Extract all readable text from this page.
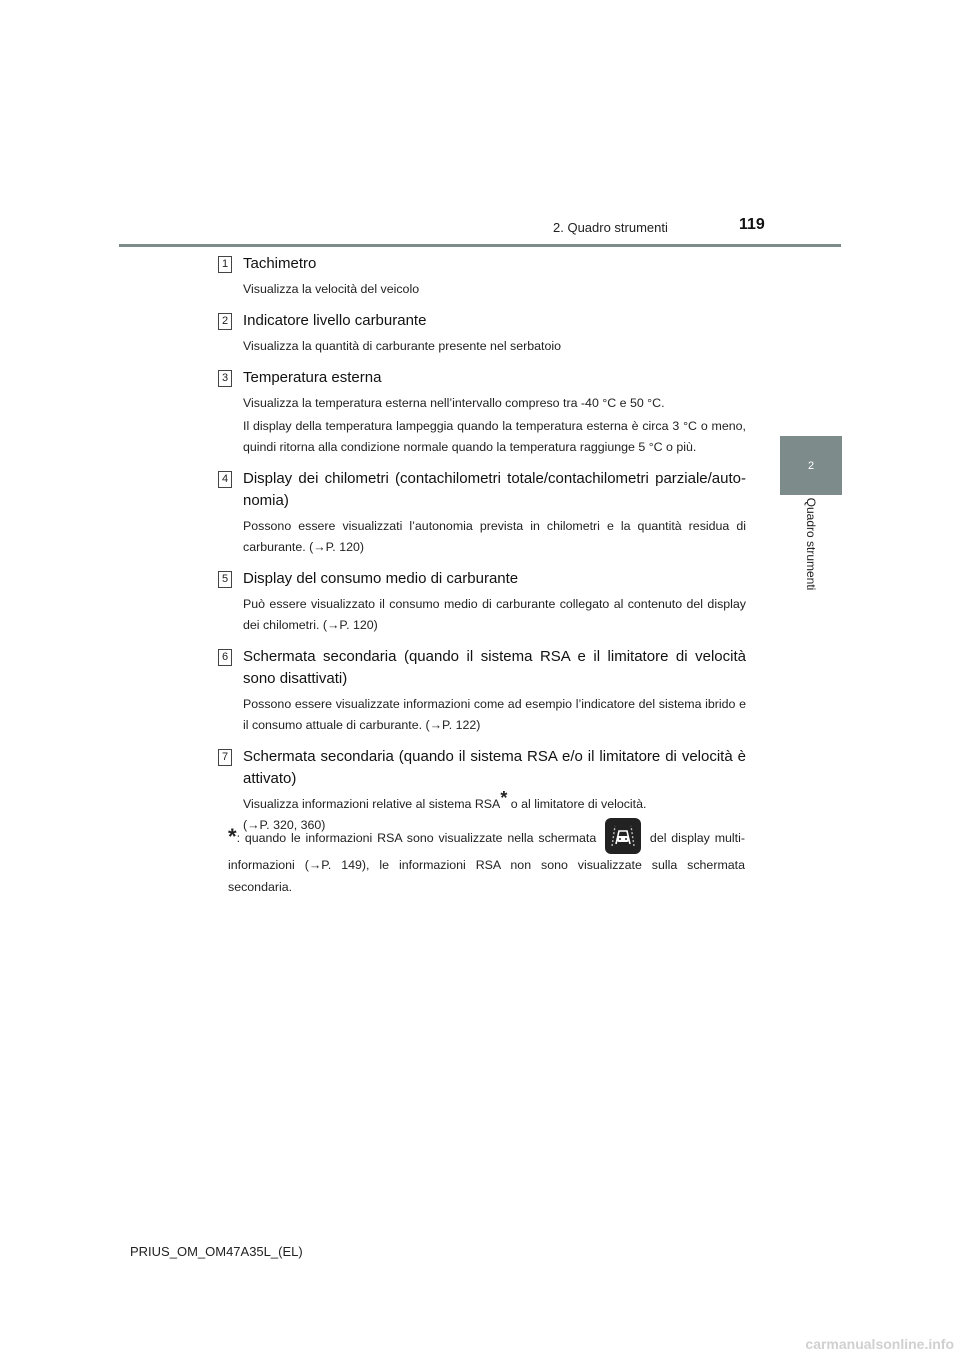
2. Quadro strumenti	119
2
Quadro strumenti
1 Tachimetro
Visualizza la velocità del veicolo
2 Indicatore livello carburante
Visualizza la quantità di carburante presente nel serbatoio
3 Temperatura esterna
Visualizza la temperatura esterna nell’intervallo compreso tra -40 °C e 50 °C.
Il display della temperatura lampeggia quando la temperatura esterna è circa 3 °C o meno, quindi ritorna alla condizione normale quando la temperatura raggiunge 5 °C o più.
4 Display dei chilometri (contachilometri totale/contachilometri parziale/auto-nomia)
Possono essere visualizzati l’autonomia prevista in chilometri e la quantità residua di carburante. (→P. 120)
5 Display del consumo medio di carburante
Può essere visualizzato il consumo medio di carburante collegato al contenuto del display dei chilometri. (→P. 120)
6 Schermata secondaria (quando il sistema RSA e il limitatore di velocità sono disattivati)
Possono essere visualizzate informazioni come ad esempio l’indicatore del sistema ibrido e il consumo attuale di carburante. (→P. 122)
7 Schermata secondaria (quando il sistema RSA e/o il limitatore di velocità è attivato)
Visualizza informazioni relative al sistema RSA* o al limitatore di velocità.
(→P. 320, 360)
*: quando le informazioni RSA sono visualizzate nella schermata	del display multi-informazioni (→P. 149), le informazioni RSA non sono visualizzate sulla schermata secondaria.
PRIUS_OM_OM47A35L_(EL)
carmanualsonline.info
